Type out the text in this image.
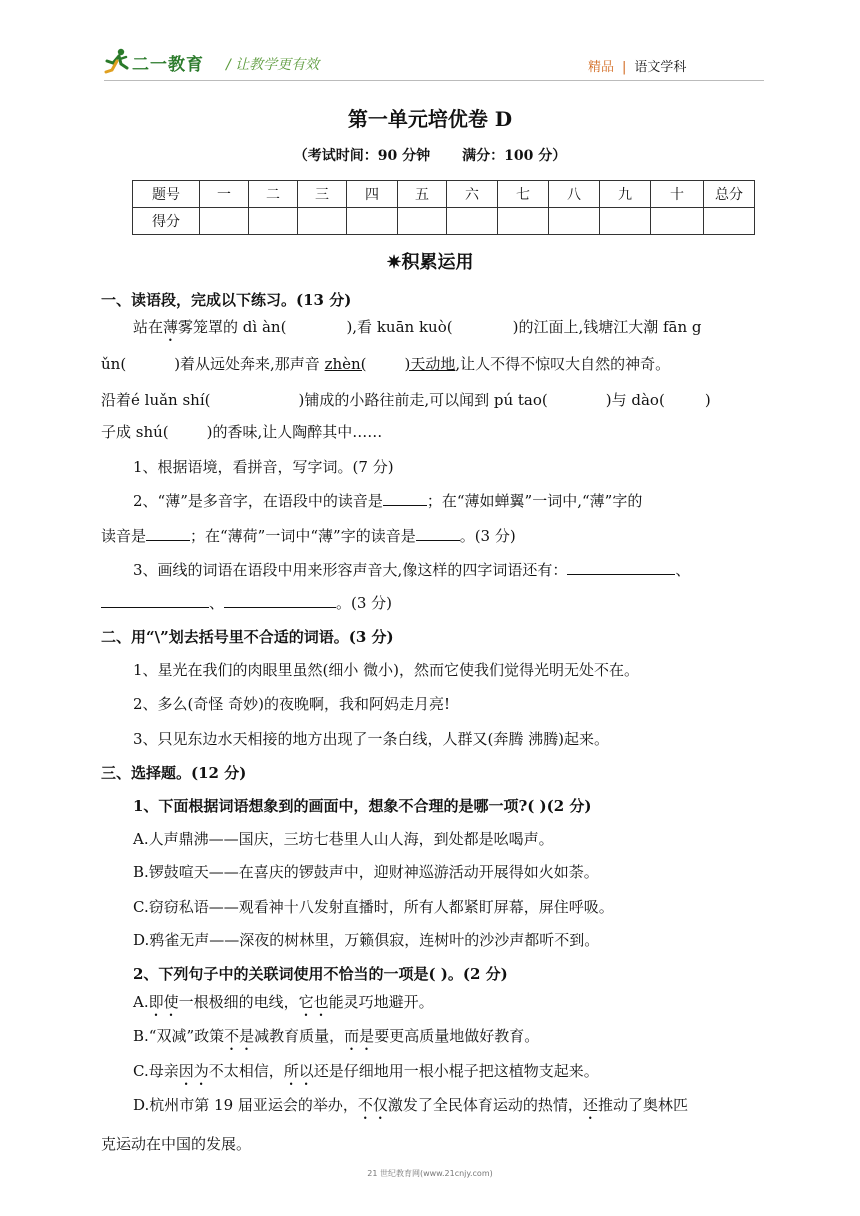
二一教育 / 让教学更有效	精品 | 语文学科
第一单元培优卷 D
（考试时间：90 分钟 满分：100 分）
题号	一	二	三	四	五	六	七	八	九	十	总分
得分											
✷积累运用
一、读语段，完成以下练习。(13 分)
站在薄雾笼罩的 dì àn(	),看 kuān kuò(	)的江面上,钱塘江大潮 fān g
ǔn(	)着从远处奔来,那声音 zhèn(	)天动地,让人不得不惊叹大自然的神奇。
沿着é luǎn shí(	)铺成的小路往前走,可以闻到 pú tao(	)与 dào(	)
子成 shú(	)的香味,让人陶醉其中……
1、根据语境，看拼音，写字词。(7 分)
2、“薄”是多音字，在语段中的读音是	；在“薄如蝉翼”一词中,“薄”字的
读音是	；在“薄荷”一词中“薄”字的读音是	。(3 分)
3、画线的词语在语段中用来形容声音大,像这样的四字词语还有：	、
、	。(3 分)
二、用“\”划去括号里不合适的词语。(3 分)
1、星光在我们的肉眼里虽然(细小 微小)，然而它使我们觉得光明无处不在。
2、多么(奇怪 奇妙)的夜晚啊，我和阿妈走月亮!
3、只见东边水天相接的地方出现了一条白线，人群又(奔腾 沸腾)起来。
三、选择题。(12 分)
1、下面根据词语想象到的画面中，想象不合理的是哪一项?( )(2 分)
A.人声鼎沸——国庆，三坊七巷里人山人海，到处都是吆喝声。
B.锣鼓喧天——在喜庆的锣鼓声中，迎财神巡游活动开展得如火如荼。
C.窃窃私语——观看神十八发射直播时，所有人都紧盯屏幕，屏住呼吸。
D.鸦雀无声——深夜的树林里，万籁俱寂，连树叶的沙沙声都听不到。
2、下列句子中的关联词使用不恰当的一项是( )。(2 分)
A.即使一根极细的电线，它也能灵巧地避开。
B.“双减”政策不是减教育质量，而是要更高质量地做好教育。
C.母亲因为不太相信，所以还是仔细地用一根小棍子把这植物支起来。
D.杭州市第 19 届亚运会的举办，不仅激发了全民体育运动的热情，还推动了奥林匹
克运动在中国的发展。
21 世纪教育网(www.21cnjy.com)
